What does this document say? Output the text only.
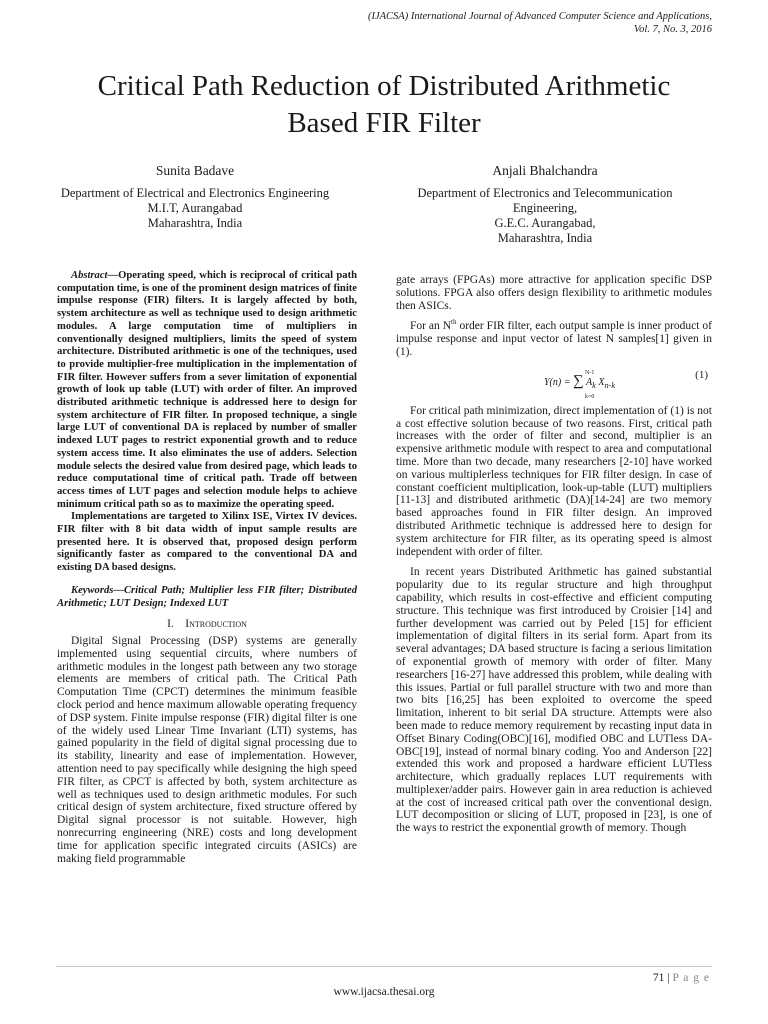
(IJACSA) International Journal of Advanced Computer Science and Applications,
Vol. 7, No. 3, 2016
Critical Path Reduction of Distributed Arithmetic
Based FIR Filter
Sunita Badave
Department of Electrical and Electronics Engineering
M.I.T, Aurangabad
Maharashtra, India
Anjali Bhalchandra
Department of Electronics and Telecommunication
Engineering,
G.E.C. Aurangabad,
Maharashtra, India

Abstract—Operating speed, which is reciprocal of critical path computation time, is one of the prominent design matrices of finite impulse response (FIR) filters. It is largely affected by both, system architecture as well as technique used to design arithmetic modules. A large computation time of multipliers in conventionally designed multipliers, limits the speed of system architecture. Distributed arithmetic is one of the techniques, used to provide multiplier-free multiplication in the implementation of FIR filter. However suffers from a sever limitation of exponential growth of look up table (LUT) with order of filter. An improved distributed arithmetic technique is addressed here to design for system architecture of FIR filter. In proposed technique, a single large LUT of conventional DA is replaced by number of smaller indexed LUT pages to restrict exponential growth and to reduce system access time. It also eliminates the use of adders. Selection module selects the desired value from desired page, which leads to reduce computational time of critical path. Trade off between access times of LUT pages and selection module helps to achieve minimum critical path so as to maximize the operating speed.

Implementations are targeted to Xilinx ISE, Virtex IV devices. FIR filter with 8 bit data width of input sample results are presented here. It is observed that, proposed design perform significantly faster as compared to the conventional DA and existing DA based designs.

Keywords—Critical Path; Multiplier less FIR filter; Distributed Arithmetic; LUT Design; Indexed LUT

I. Introduction

Digital Signal Processing (DSP) systems are generally implemented using sequential circuits, where numbers of arithmetic modules in the longest path between any two storage elements are members of critical path. The Critical Path Computation Time (CPCT) determines the minimum feasible clock period and hence maximum allowable operating frequency of DSP system. Finite impulse response (FIR) digital filter is one of the widely used Linear Time Invariant (LTI) systems, has gained popularity in the field of digital signal processing due to its stability, linearity and ease of implementation. However, attention need to pay specifically while designing the high speed FIR filter, as CPCT is affected by both, system architecture as well as techniques used to design arithmetic modules. For such critical design of system architecture, fixed structure offered by Digital signal processor is not suitable. However, high nonrecurring engineering (NRE) costs and long development time for application specific integrated circuits (ASICs) are making field programmable

gate arrays (FPGAs) more attractive for application specific DSP solutions. FPGA also offers design flexibility to arithmetic modules then ASICs.

For an $N^{th}$ order FIR filter, each output sample is inner product of impulse response and input vector of latest N samples[1] given in (1).

N-1
Y(n) = ∑ $A_k$ $X_{n-k}$
k=0
(1)

For critical path minimization, direct implementation of (1) is not a cost effective solution because of two reasons. First, critical path increases with the order of filter and second, multiplier is an expensive arithmetic module with respect to area and computational time. More than two decade, many researchers [2-10] have worked on various multiplerless techniques for FIR filter design. In case of constant coefficient multiplication, look-up-table (LUT) multipliers [11-13] and distributed arithmetic (DA)[14-24] are two memory based approaches found in FIR filter design. An improved distributed Arithmetic technique is addressed here to design for system architecture for FIR filter, as its operating speed is almost independent with order of filter.

In recent years Distributed Arithmetic has gained substantial popularity due to its regular structure and high throughput capability, which results in cost-effective and efficient computing structure. This technique was first introduced by Croisier [14] and further development was carried out by Peled [15] for efficient implementation of digital filters in its serial form. Apart from its several advantages; DA based structure is facing a serious limitation of exponential growth of memory with order of filter. Many researchers [16-27] have addressed this problem, while dealing with this issues. Partial or full parallel structure with two and more than two bits [16,25] has been exploited to overcome the speed limitation, inherent to bit serial DA structure. Attempts were also been made to reduce memory requirement by recasting input data in Offset Binary Coding(OBC)[16], modified OBC and LUTless DA-OBC[19], instead of normal binary coding. Yoo and Anderson [22] extended this work and proposed a hardware efficient LUTless architecture, which gradually replaces LUT requirements with multiplexer/adder pairs. However gain in area reduction is achieved at the cost of increased critical path over the conventional design. LUT decomposition or slicing of LUT, proposed in [23], is one of the ways to restrict the exponential growth of memory. Though

71 | P a g e
www.ijacsa.thesai.org
